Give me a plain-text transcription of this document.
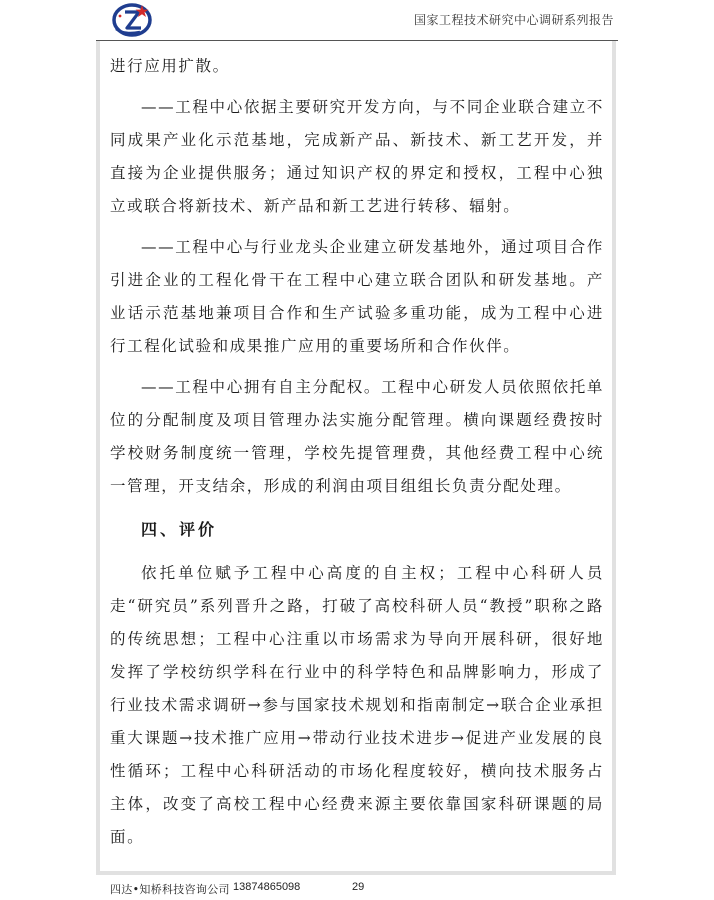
国家工程技术研究中心调研系列报告

进行应用扩散。

——工程中心依据主要研究开发方向，与不同企业联合建立不同成果产业化示范基地，完成新产品、新技术、新工艺开发，并直接为企业提供服务；通过知识产权的界定和授权，工程中心独立或联合将新技术、新产品和新工艺进行转移、辐射。

——工程中心与行业龙头企业建立研发基地外，通过项目合作引进企业的工程化骨干在工程中心建立联合团队和研发基地。产业话示范基地兼项目合作和生产试验多重功能，成为工程中心进行工程化试验和成果推广应用的重要场所和合作伙伴。

——工程中心拥有自主分配权。工程中心研发人员依照依托单位的分配制度及项目管理办法实施分配管理。横向课题经费按时学校财务制度统一管理，学校先提管理费，其他经费工程中心统一管理，开支结余，形成的利润由项目组组长负责分配处理。

四、评价

依托单位赋予工程中心高度的自主权；工程中心科研人员走“研究员”系列晋升之路，打破了高校科研人员“教授”职称之路的传统思想；工程中心注重以市场需求为导向开展科研，很好地发挥了学校纺织学科在行业中的科学特色和品牌影响力，形成了行业技术需求调研→参与国家技术规划和指南制定→联合企业承担重大课题→技术推广应用→带动行业技术进步→促进产业发展的良性循环；工程中心科研活动的市场化程度较好，横向技术服务占主体，改变了高校工程中心经费来源主要依靠国家科研课题的局面。

四达•知桥科技咨询公司 13874865098	29
